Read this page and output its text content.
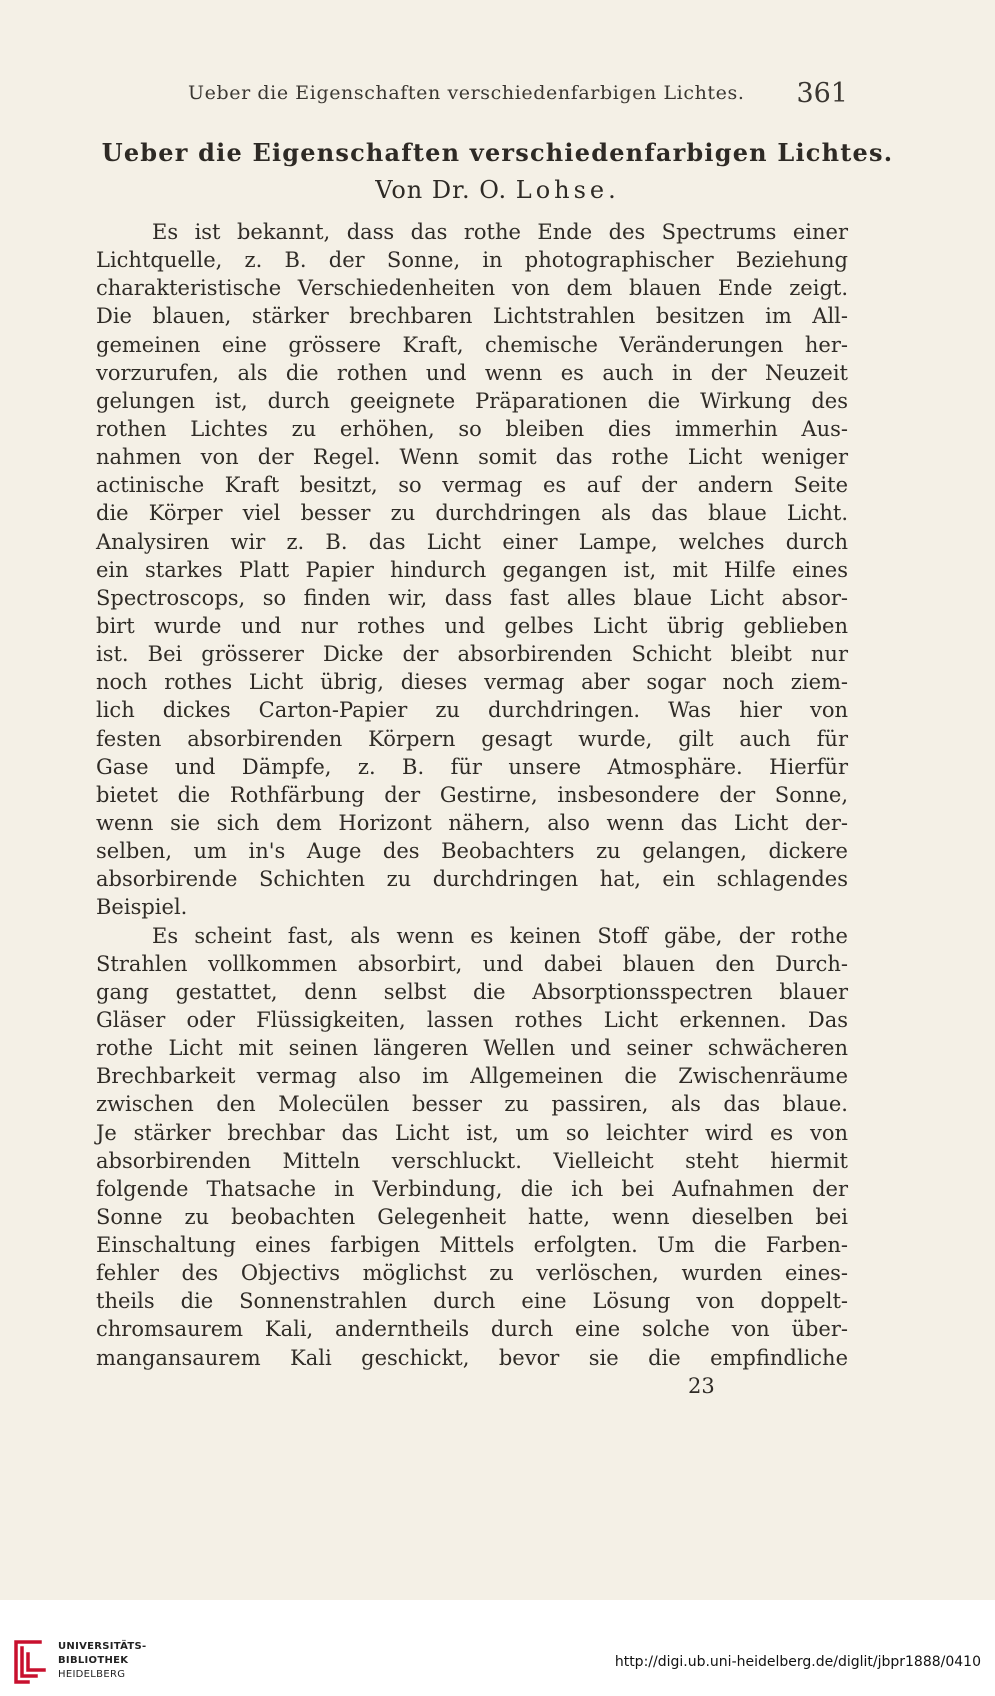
Ueber die Eigenschaften verschiedenfarbigen Lichtes. 361
Ueber die Eigenschaften verschiedenfarbigen Lichtes.
Von Dr. O. Lohse.
Es ist bekannt, dass das rothe Ende des Spectrums einer
Lichtquelle, z. B. der Sonne, in photographischer Beziehung
charakteristische Verschiedenheiten von dem blauen Ende zeigt.
Die blauen, stärker brechbaren Lichtstrahlen besitzen im All-
gemeinen eine grössere Kraft, chemische Veränderungen her-
vorzurufen, als die rothen und wenn es auch in der Neuzeit
gelungen ist, durch geeignete Präparationen die Wirkung des
rothen Lichtes zu erhöhen, so bleiben dies immerhin Aus-
nahmen von der Regel. Wenn somit das rothe Licht weniger
actinische Kraft besitzt, so vermag es auf der andern Seite
die Körper viel besser zu durchdringen als das blaue Licht.
Analysiren wir z. B. das Licht einer Lampe, welches durch
ein starkes Platt Papier hindurch gegangen ist, mit Hilfe eines
Spectroscops, so finden wir, dass fast alles blaue Licht absor-
birt wurde und nur rothes und gelbes Licht übrig geblieben
ist. Bei grösserer Dicke der absorbirenden Schicht bleibt nur
noch rothes Licht übrig, dieses vermag aber sogar noch ziem-
lich dickes Carton-Papier zu durchdringen. Was hier von
festen absorbirenden Körpern gesagt wurde, gilt auch für
Gase und Dämpfe, z. B. für unsere Atmosphäre. Hierfür
bietet die Rothfärbung der Gestirne, insbesondere der Sonne,
wenn sie sich dem Horizont nähern, also wenn das Licht der-
selben, um in's Auge des Beobachters zu gelangen, dickere
absorbirende Schichten zu durchdringen hat, ein schlagendes
Beispiel.
Es scheint fast, als wenn es keinen Stoff gäbe, der rothe
Strahlen vollkommen absorbirt, und dabei blauen den Durch-
gang gestattet, denn selbst die Absorptionsspectren blauer
Gläser oder Flüssigkeiten, lassen rothes Licht erkennen. Das
rothe Licht mit seinen längeren Wellen und seiner schwächeren
Brechbarkeit vermag also im Allgemeinen die Zwischenräume
zwischen den Molecülen besser zu passiren, als das blaue.
Je stärker brechbar das Licht ist, um so leichter wird es von
absorbirenden Mitteln verschluckt. Vielleicht steht hiermit
folgende Thatsache in Verbindung, die ich bei Aufnahmen der
Sonne zu beobachten Gelegenheit hatte, wenn dieselben bei
Einschaltung eines farbigen Mittels erfolgten. Um die Farben-
fehler des Objectivs möglichst zu verlöschen, wurden eines-
theils die Sonnenstrahlen durch eine Lösung von doppelt-
chromsaurem Kali, anderntheils durch eine solche von über-
mangansaurem Kali geschickt, bevor sie die empfindliche
23
UNIVERSITÄTS-
BIBLIOTHEK
HEIDELBERG
http://digi.ub.uni-heidelberg.de/diglit/jbpr1888/0410
